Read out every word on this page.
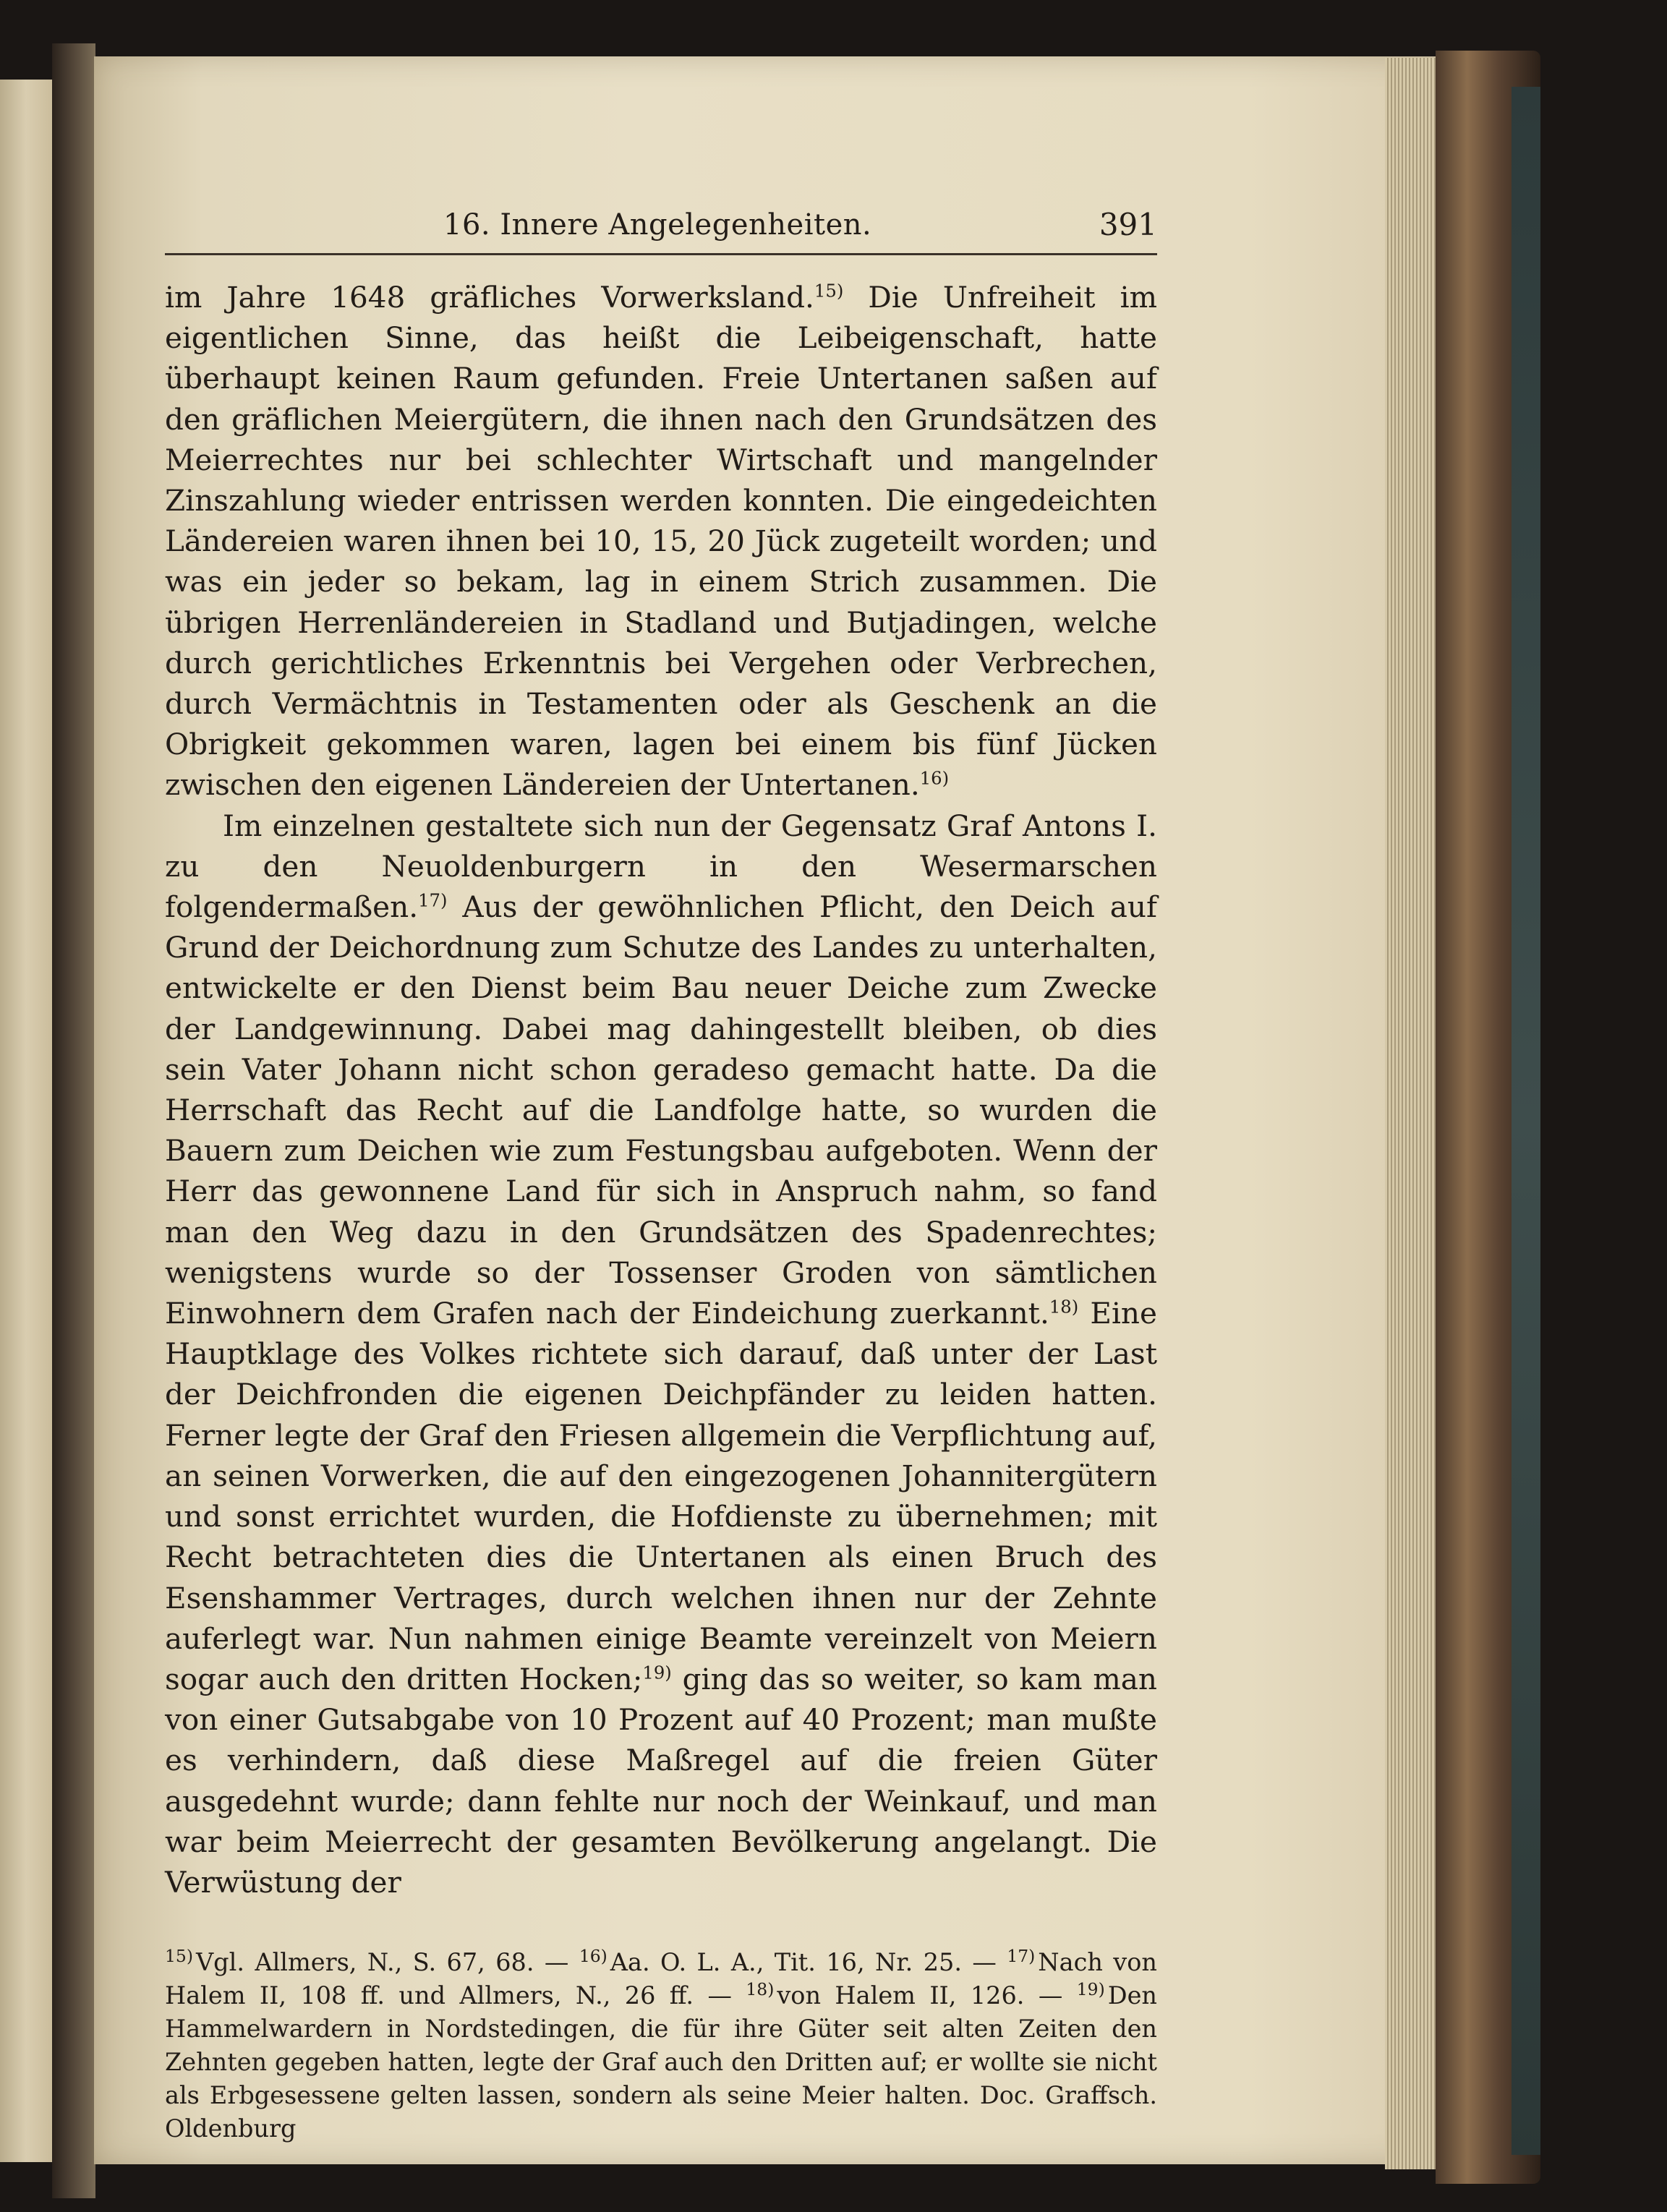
16. Innere Angelegenheiten.	391

im Jahre 1648 gräfliches Vorwerksland.$^{15)}$ Die Unfreiheit im eigentlichen Sinne, das heißt die Leibeigenschaft, hatte überhaupt keinen Raum gefunden. Freie Untertanen saßen auf den gräflichen Meiergütern, die ihnen nach den Grundsätzen des Meierrechtes nur bei schlechter Wirtschaft und mangelnder Zinszahlung wieder entrissen werden konnten. Die eingedeichten Ländereien waren ihnen bei 10, 15, 20 Jück zugeteilt worden; und was ein jeder so bekam, lag in einem Strich zusammen. Die übrigen Herrenländereien in Stadland und Butjadingen, welche durch gerichtliches Erkenntnis bei Vergehen oder Verbrechen, durch Vermächtnis in Testamenten oder als Geschenk an die Obrigkeit gekommen waren, lagen bei einem bis fünf Jücken zwischen den eigenen Ländereien der Untertanen.$^{16)}$

Im einzelnen gestaltete sich nun der Gegensatz Graf Antons I. zu den Neuoldenburgern in den Wesermarschen folgendermaßen.$^{17)}$ Aus der gewöhnlichen Pflicht, den Deich auf Grund der Deichordnung zum Schutze des Landes zu unterhalten, entwickelte er den Dienst beim Bau neuer Deiche zum Zwecke der Landgewinnung. Dabei mag dahingestellt bleiben, ob dies sein Vater Johann nicht schon geradeso gemacht hatte. Da die Herrschaft das Recht auf die Landfolge hatte, so wurden die Bauern zum Deichen wie zum Festungsbau aufgeboten. Wenn der Herr das gewonnene Land für sich in Anspruch nahm, so fand man den Weg dazu in den Grundsätzen des Spadenrechtes; wenigstens wurde so der Tossenser Groden von sämtlichen Einwohnern dem Grafen nach der Eindeichung zuerkannt.$^{18)}$ Eine Hauptklage des Volkes richtete sich darauf, daß unter der Last der Deichfronden die eigenen Deichpfänder zu leiden hatten. Ferner legte der Graf den Friesen allgemein die Verpflichtung auf, an seinen Vorwerken, die auf den eingezogenen Johannitergütern und sonst errichtet wurden, die Hofdienste zu übernehmen; mit Recht betrachteten dies die Untertanen als einen Bruch des Esenshammer Vertrages, durch welchen ihnen nur der Zehnte auferlegt war. Nun nahmen einige Beamte vereinzelt von Meiern sogar auch den dritten Hocken;$^{19)}$ ging das so weiter, so kam man von einer Gutsabgabe von 10 Prozent auf 40 Prozent; man mußte es verhindern, daß diese Maßregel auf die freien Güter ausgedehnt wurde; dann fehlte nur noch der Weinkauf, und man war beim Meierrecht der gesamten Bevölkerung angelangt. Die Verwüstung der

$^{15)}$ Vgl. Allmers, N., S. 67, 68. — $^{16)}$ Aa. O. L. A., Tit. 16, Nr. 25. — $^{17)}$ Nach von Halem II, 108 ff. und Allmers, N., 26 ff. — $^{18)}$ von Halem II, 126. — $^{19)}$ Den Hammelwardern in Nordstedingen, die für ihre Güter seit alten Zeiten den Zehnten gegeben hatten, legte der Graf auch den Dritten auf; er wollte sie nicht als Erbgesessene gelten lassen, sondern als seine Meier halten. Doc. Graffsch. Oldenburg
